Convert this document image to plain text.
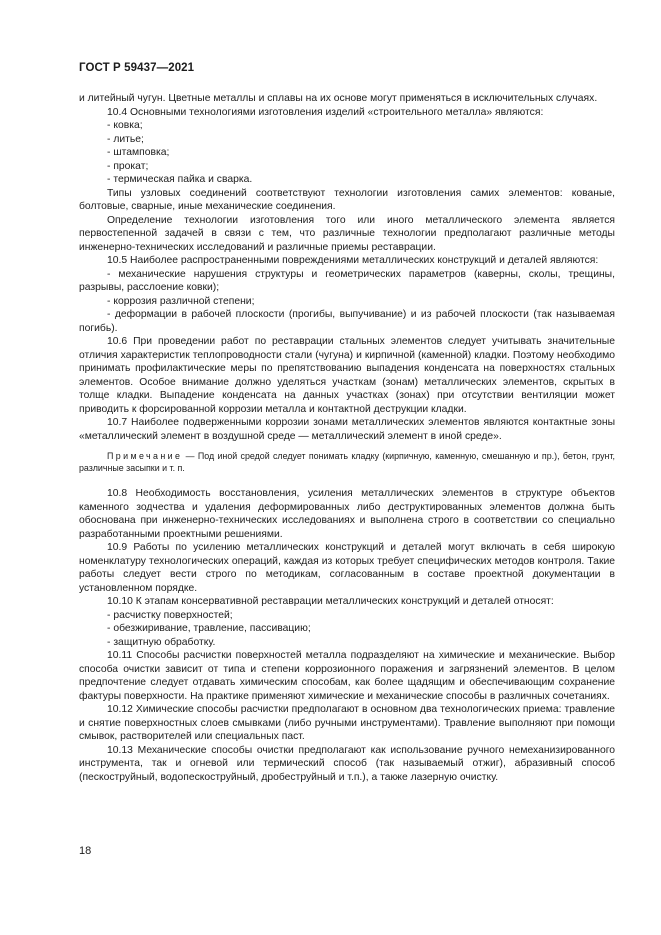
ГОСТ Р 59437—2021

и литейный чугун. Цветные металлы и сплавы на их основе могут применяться в исключительных случаях.

10.4 Основными технологиями изготовления изделий «строительного металла» являются:

- ковка;

- литье;

- штамповка;

- прокат;

- термическая пайка и сварка.

Типы узловых соединений соответствуют технологии изготовления самих элементов: кованые, болтовые, сварные, иные механические соединения.

Определение технологии изготовления того или иного металлического элемента является первостепенной задачей в связи с тем, что различные технологии предполагают различные методы инженерно-технических исследований и различные приемы реставрации.

10.5 Наиболее распространенными повреждениями металлических конструкций и деталей являются:

- механические нарушения структуры и геометрических параметров (каверны, сколы, трещины, разрывы, расслоение ковки);

- коррозия различной степени;

- деформации в рабочей плоскости (прогибы, выпучивание) и из рабочей плоскости (так называемая погибь).

10.6 При проведении работ по реставрации стальных элементов следует учитывать значительные отличия характеристик теплопроводности стали (чугуна) и кирпичной (каменной) кладки. Поэтому необходимо принимать профилактические меры по препятствованию выпадения конденсата на поверхностях стальных элементов. Особое внимание должно уделяться участкам (зонам) металлических элементов, скрытых в толще кладки. Выпадение конденсата на данных участках (зонах) при отсутствии вентиляции может приводить к форсированной коррозии металла и контактной деструкции кладки.

10.7 Наиболее подверженными коррозии зонами металлических элементов являются контактные зоны «металлический элемент в воздушной среде — металлический элемент в иной среде».

Примечание — Под иной средой следует понимать кладку (кирпичную, каменную, смешанную и пр.), бетон, грунт, различные засыпки и т. п.

10.8 Необходимость восстановления, усиления металлических элементов в структуре объектов каменного зодчества и удаления деформированных либо деструктированных элементов должна быть обоснована при инженерно-технических исследованиях и выполнена строго в соответствии со специально разработанными проектными решениями.

10.9 Работы по усилению металлических конструкций и деталей могут включать в себя широкую номенклатуру технологических операций, каждая из которых требует специфических методов контроля. Такие работы следует вести строго по методикам, согласованным в составе проектной документации в установленном порядке.

10.10 К этапам консервативной реставрации металлических конструкций и деталей относят:

- расчистку поверхностей;

- обезжиривание, травление, пассивацию;

- защитную обработку.

10.11 Способы расчистки поверхностей металла подразделяют на химические и механические. Выбор способа очистки зависит от типа и степени коррозионного поражения и загрязнений элементов. В целом предпочтение следует отдавать химическим способам, как более щадящим и обеспечивающим сохранение фактуры поверхности. На практике применяют химические и механические способы в различных сочетаниях.

10.12 Химические способы расчистки предполагают в основном два технологических приема: травление и снятие поверхностных слоев смывками (либо ручными инструментами). Травление выполняют при помощи смывок, растворителей или специальных паст.

10.13 Механические способы очистки предполагают как использование ручного немеханизированного инструмента, так и огневой или термический способ (так называемый отжиг), абразивный способ (пескоструйный, водопескоструйный, дробеструйный и т.п.), а также лазерную очистку.

18
